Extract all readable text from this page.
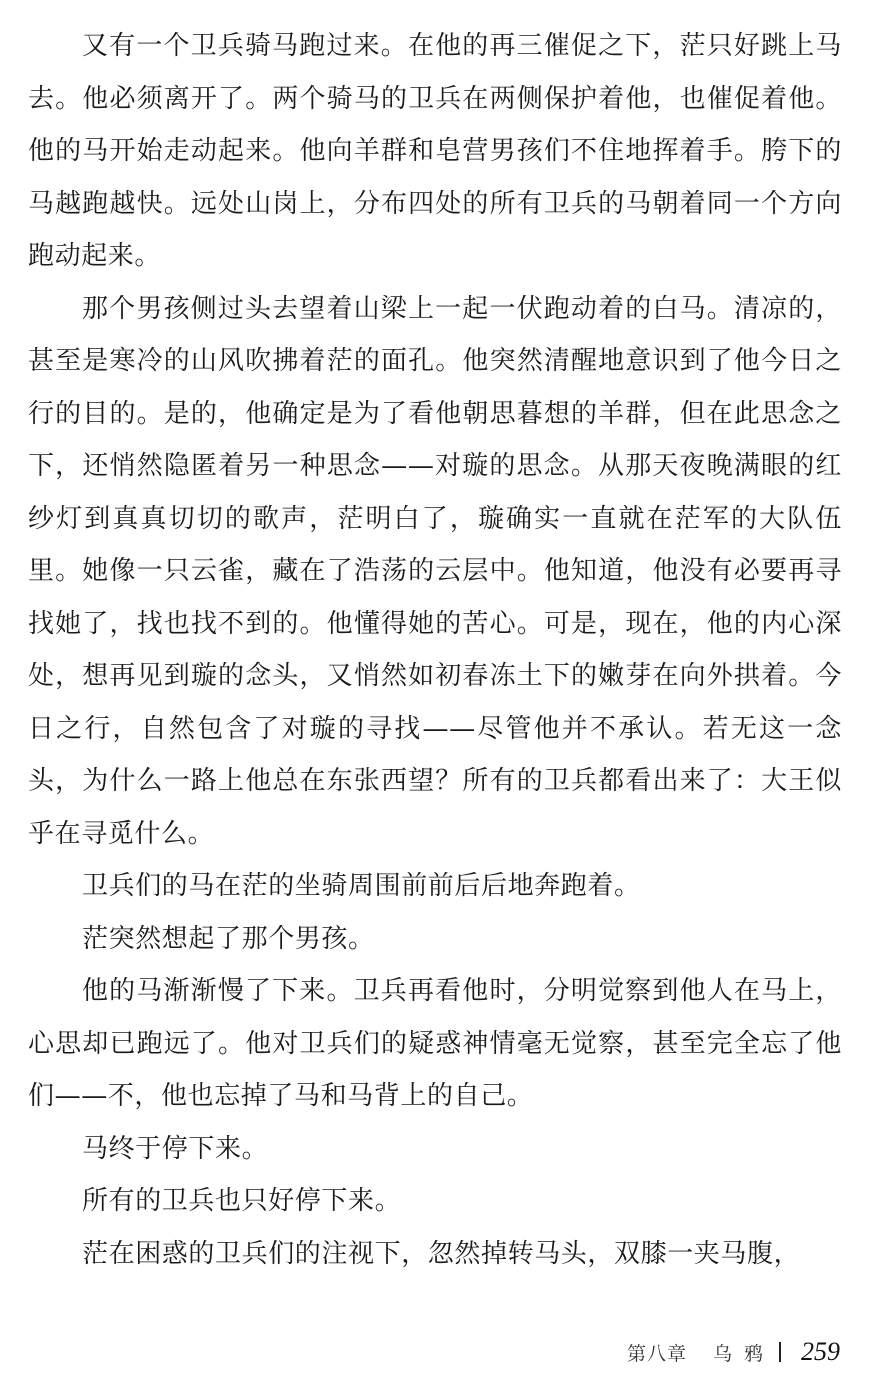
又有一个卫兵骑马跑过来。在他的再三催促之下，茫只好跳上马去。他必须离开了。两个骑马的卫兵在两侧保护着他，也催促着他。他的马开始走动起来。他向羊群和皂营男孩们不住地挥着手。胯下的马越跑越快。远处山岗上，分布四处的所有卫兵的马朝着同一个方向跑动起来。

那个男孩侧过头去望着山梁上一起一伏跑动着的白马。清凉的，甚至是寒冷的山风吹拂着茫的面孔。他突然清醒地意识到了他今日之行的目的。是的，他确定是为了看他朝思暮想的羊群，但在此思念之下，还悄然隐匿着另一种思念——对璇的思念。从那天夜晚满眼的红纱灯到真真切切的歌声，茫明白了，璇确实一直就在茫军的大队伍里。她像一只云雀，藏在了浩荡的云层中。他知道，他没有必要再寻找她了，找也找不到的。他懂得她的苦心。可是，现在，他的内心深处，想再见到璇的念头，又悄然如初春冻土下的嫩芽在向外拱着。今日之行，自然包含了对璇的寻找——尽管他并不承认。若无这一念头，为什么一路上他总在东张西望？所有的卫兵都看出来了：大王似乎在寻觅什么。

卫兵们的马在茫的坐骑周围前前后后地奔跑着。

茫突然想起了那个男孩。

他的马渐渐慢了下来。卫兵再看他时，分明觉察到他人在马上，心思却已跑远了。他对卫兵们的疑惑神情毫无觉察，甚至完全忘了他们——不，他也忘掉了马和马背上的自己。

马终于停下来。

所有的卫兵也只好停下来。

茫在困惑的卫兵们的注视下，忽然掉转马头，双膝一夹马腹，

第八章 乌鸦 259
